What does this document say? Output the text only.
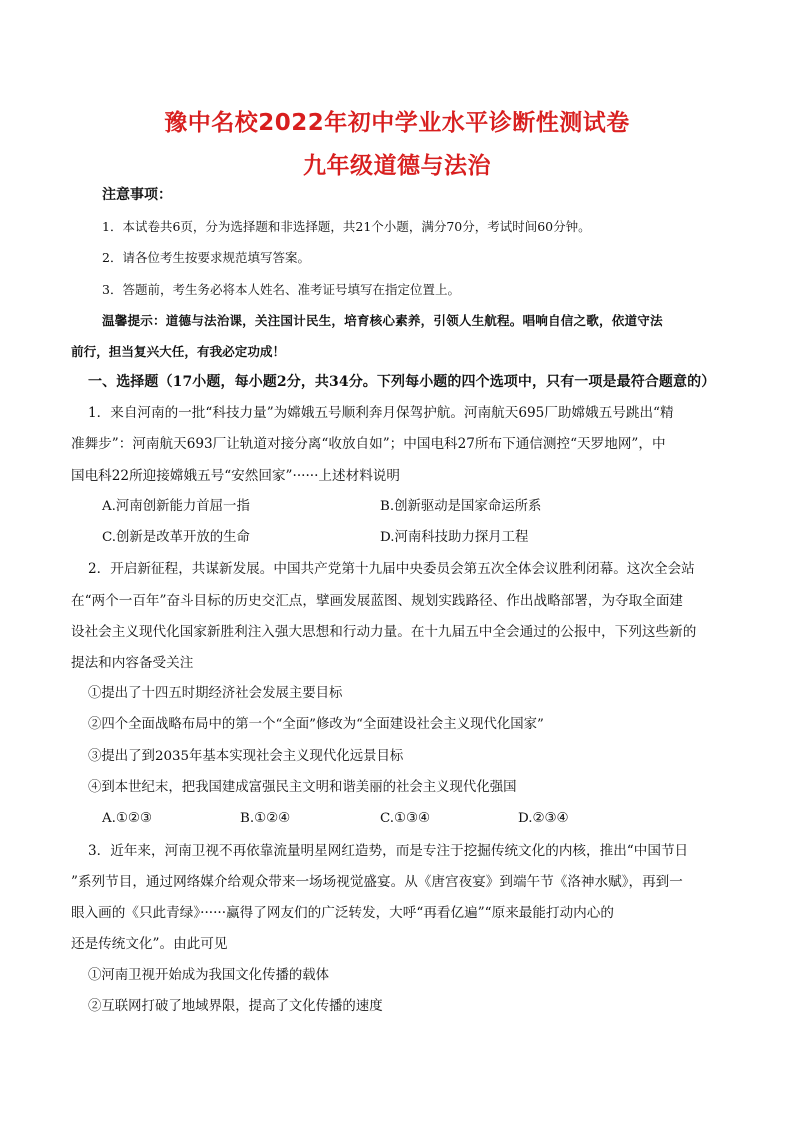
豫中名校2022年初中学业水平诊断性测试卷
九年级道德与法治
注意事项：
1．本试卷共6页，分为选择题和非选择题，共21个小题，满分70分，考试时间60分钟。
2．请各位考生按要求规范填写答案。
3．答题前，考生务必将本人姓名、准考证号填写在指定位置上。
温馨提示：道德与法治课，关注国计民生，培育核心素养，引领人生航程。唱响自信之歌，依道守法
前行，担当复兴大任，有我必定功成！
一、选择题（17小题，每小题2分，共34分。下列每小题的四个选项中，只有一项是最符合题意的）
1．来自河南的一批“科技力量”为嫦娥五号顺利奔月保驾护航。河南航天695厂助嫦娥五号跳出“精
准舞步”：河南航天693厂让轨道对接分离“收放自如”；中国电科27所布下通信测控“天罗地网”，中
国电科22所迎接嫦娥五号“安然回家”······上述材料说明
A.河南创新能力首屈一指	B.创新驱动是国家命运所系
C.创新是改革开放的生命	D.河南科技助力探月工程
2．开启新征程，共谋新发展。中国共产党第十九届中央委员会第五次全体会议胜利闭幕。这次全会站
在“两个一百年”奋斗目标的历史交汇点，擘画发展蓝图、规划实践路径、作出战略部署，为夺取全面建
设社会主义现代化国家新胜利注入强大思想和行动力量。在十九届五中全会通过的公报中，下列这些新的
提法和内容备受关注
①提出了十四五时期经济社会发展主要目标
②四个全面战略布局中的第一个“全面”修改为“全面建设社会主义现代化国家”
③提出了到2035年基本实现社会主义现代化远景目标
④到本世纪末，把我国建成富强民主文明和谐美丽的社会主义现代化强国
A.①②③	B.①②④	C.①③④	D.②③④
3．近年来，河南卫视不再依靠流量明星网红造势，而是专注于挖掘传统文化的内核，推出“中国节日
”系列节目，通过网络媒介给观众带来一场场视觉盛宴。从《唐宫夜宴》到端午节《洛神水赋》，再到一
眼入画的《只此青绿》······赢得了网友们的广泛转发，大呼“再看亿遍”“原来最能打动内心的
还是传统文化”。由此可见
①河南卫视开始成为我国文化传播的载体
②互联网打破了地域界限，提高了文化传播的速度
